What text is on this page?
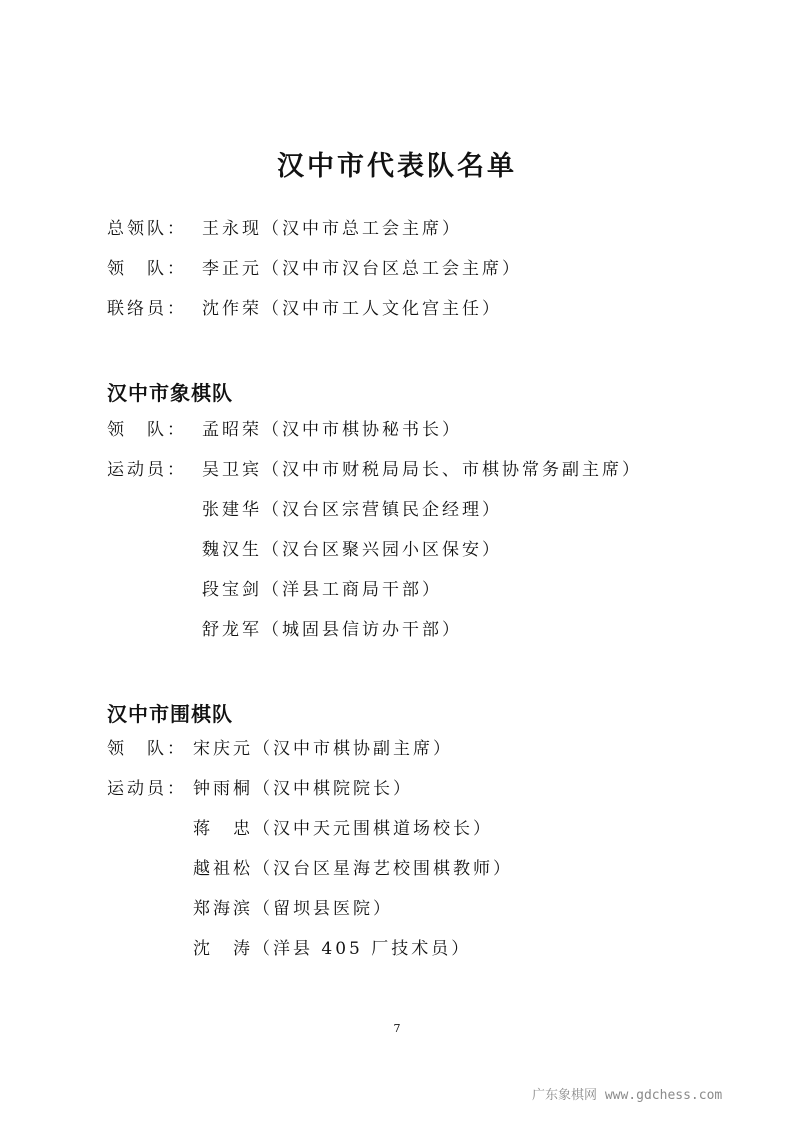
汉中市代表队名单
总领队： 王永现（汉中市总工会主席）
领　队： 李正元（汉中市汉台区总工会主席）
联络员： 沈作荣（汉中市工人文化宫主任）
汉中市象棋队
领　队： 孟昭荣（汉中市棋协秘书长）
运动员： 吴卫宾（汉中市财税局局长、市棋协常务副主席）
张建华（汉台区宗营镇民企经理）
魏汉生（汉台区聚兴园小区保安）
段宝剑（洋县工商局干部）
舒龙军（城固县信访办干部）
汉中市围棋队
领　队： 宋庆元（汉中市棋协副主席）
运动员： 钟雨桐（汉中棋院院长）
蒋　忠（汉中天元围棋道场校长）
越祖松（汉台区星海艺校围棋教师）
郑海滨（留坝县医院）
沈　涛（洋县 405 厂技术员）
7
广东象棋网 www.gdchess.com
